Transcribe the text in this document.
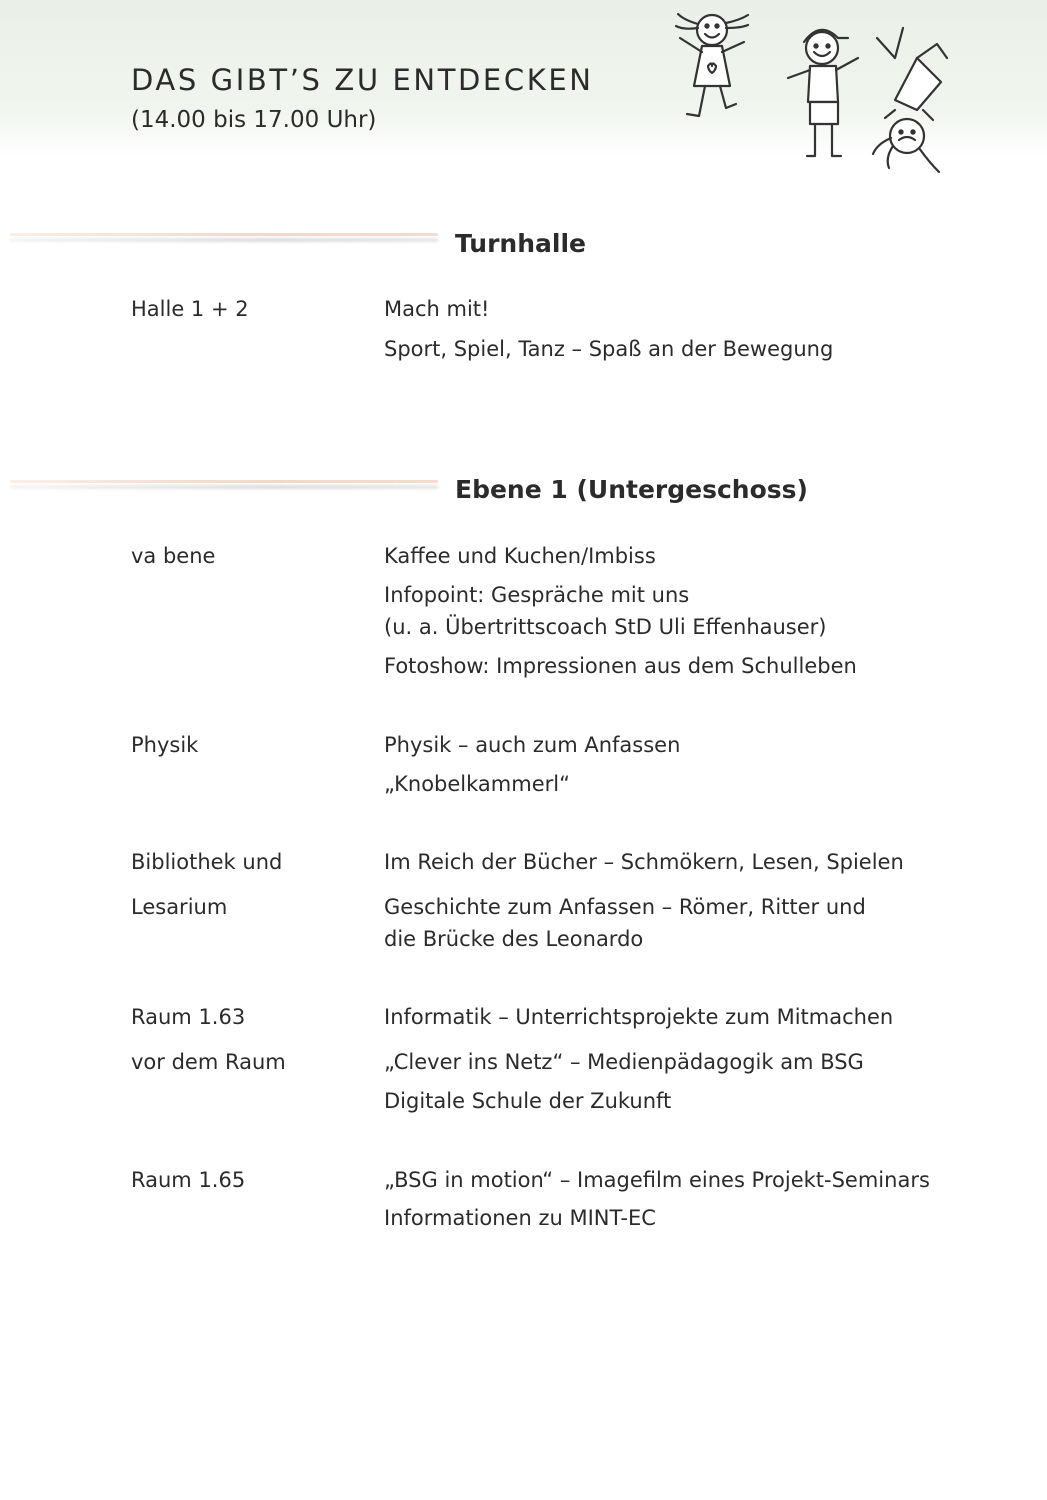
DAS GIBT’S ZU ENTDECKEN
(14.00 bis 17.00 Uhr)
Turnhalle
Halle 1 + 2	Mach mit!
Sport, Spiel, Tanz – Spaß an der Bewegung
Ebene 1 (Untergeschoss)
va bene	Kaffee und Kuchen/Imbiss
Infopoint: Gespräche mit uns
(u. a. Übertrittscoach StD Uli Effenhauser)
Fotoshow: Impressionen aus dem Schulleben
Physik	Physik – auch zum Anfassen
„Knobelkammerl“
Bibliothek und	Im Reich der Bücher – Schmökern, Lesen, Spielen
Lesarium	Geschichte zum Anfassen – Römer, Ritter und
die Brücke des Leonardo
Raum 1.63	Informatik – Unterrichtsprojekte zum Mitmachen
vor dem Raum	„Clever ins Netz“ – Medienpädagogik am BSG
Digitale Schule der Zukunft
Raum 1.65	„BSG in motion“ – Imagefilm eines Projekt-Seminars
Informationen zu MINT-EC
